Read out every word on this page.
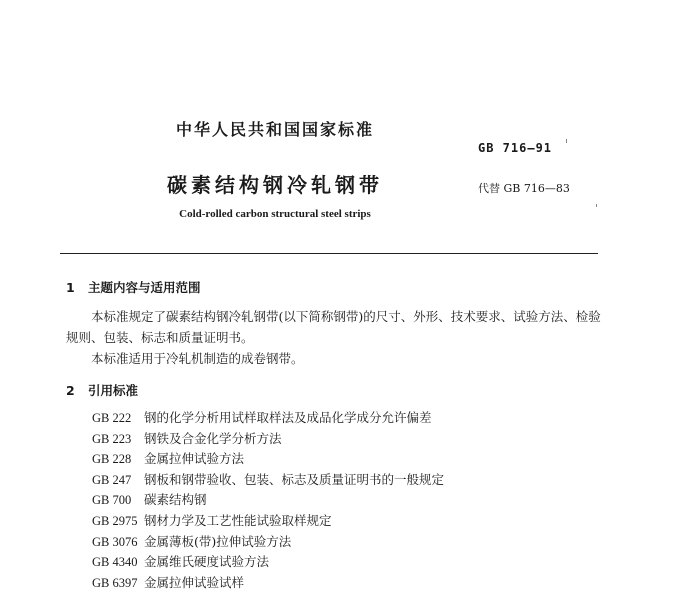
中华人民共和国国家标准
GB 716—91
碳素结构钢冷轧钢带	代替 GB 716—83
Cold-rolled carbon structural steel strips
1 主题内容与适用范围
本标准规定了碳素结构钢冷轧钢带(以下简称钢带)的尺寸、外形、技术要求、试验方法、检验规则、包装、标志和质量证明书。
本标准适用于冷轧机制造的成卷钢带。
2 引用标准
GB 222 钢的化学分析用试样取样法及成品化学成分允许偏差
GB 223 钢铁及合金化学分析方法
GB 228 金属拉伸试验方法
GB 247 钢板和钢带验收、包装、标志及质量证明书的一般规定
GB 700 碳素结构钢
GB 2975 钢材力学及工艺性能试验取样规定
GB 3076 金属薄板(带)拉伸试验方法
GB 4340 金属维氏硬度试验方法
GB 6397 金属拉伸试验试样
